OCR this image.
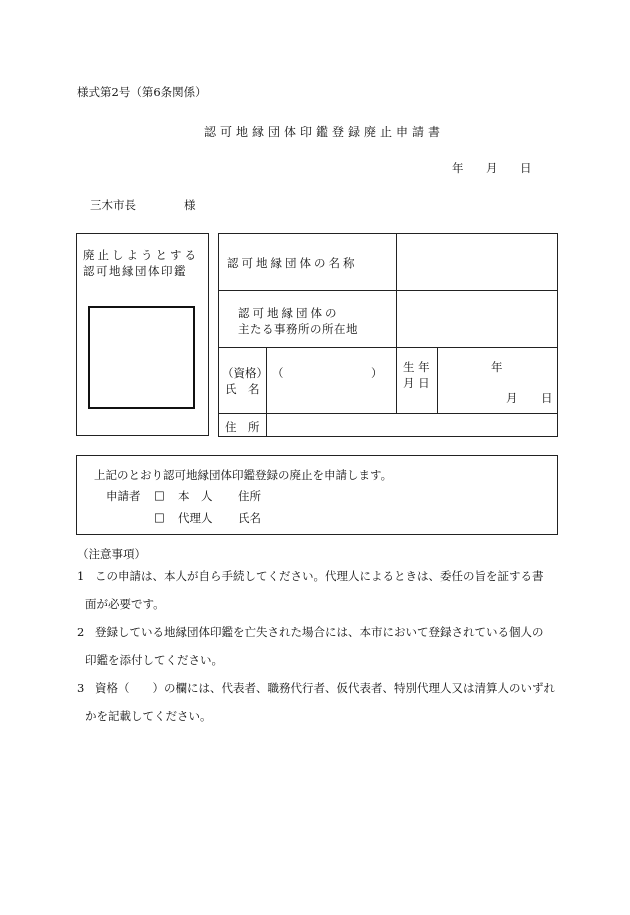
様式第2号（第6条関係）
認可地縁団体印鑑登録廃止申請書
年 月 日
三木市長	様
廃止しようとする
認可地縁団体印鑑
認可地縁団体の名称
認可地縁団体の
主たる事務所の所在地
（資格）
氏　名
（	） 生 年
月 日
年
月 日
住　所
上記のとおり認可地縁団体印鑑登録の廃止を申請します。
申請者 □ 本　人 住所
□ 代理人 氏名
（注意事項）
1 この申請は、本人が自ら手続してください。代理人によるときは、委任の旨を証する書
面が必要です。
2 登録している地縁団体印鑑を亡失された場合には、本市において登録されている個人の
印鑑を添付してください。
3 資格（　　）の欄には、代表者、職務代行者、仮代表者、特別代理人又は清算人のいずれ
かを記載してください。
